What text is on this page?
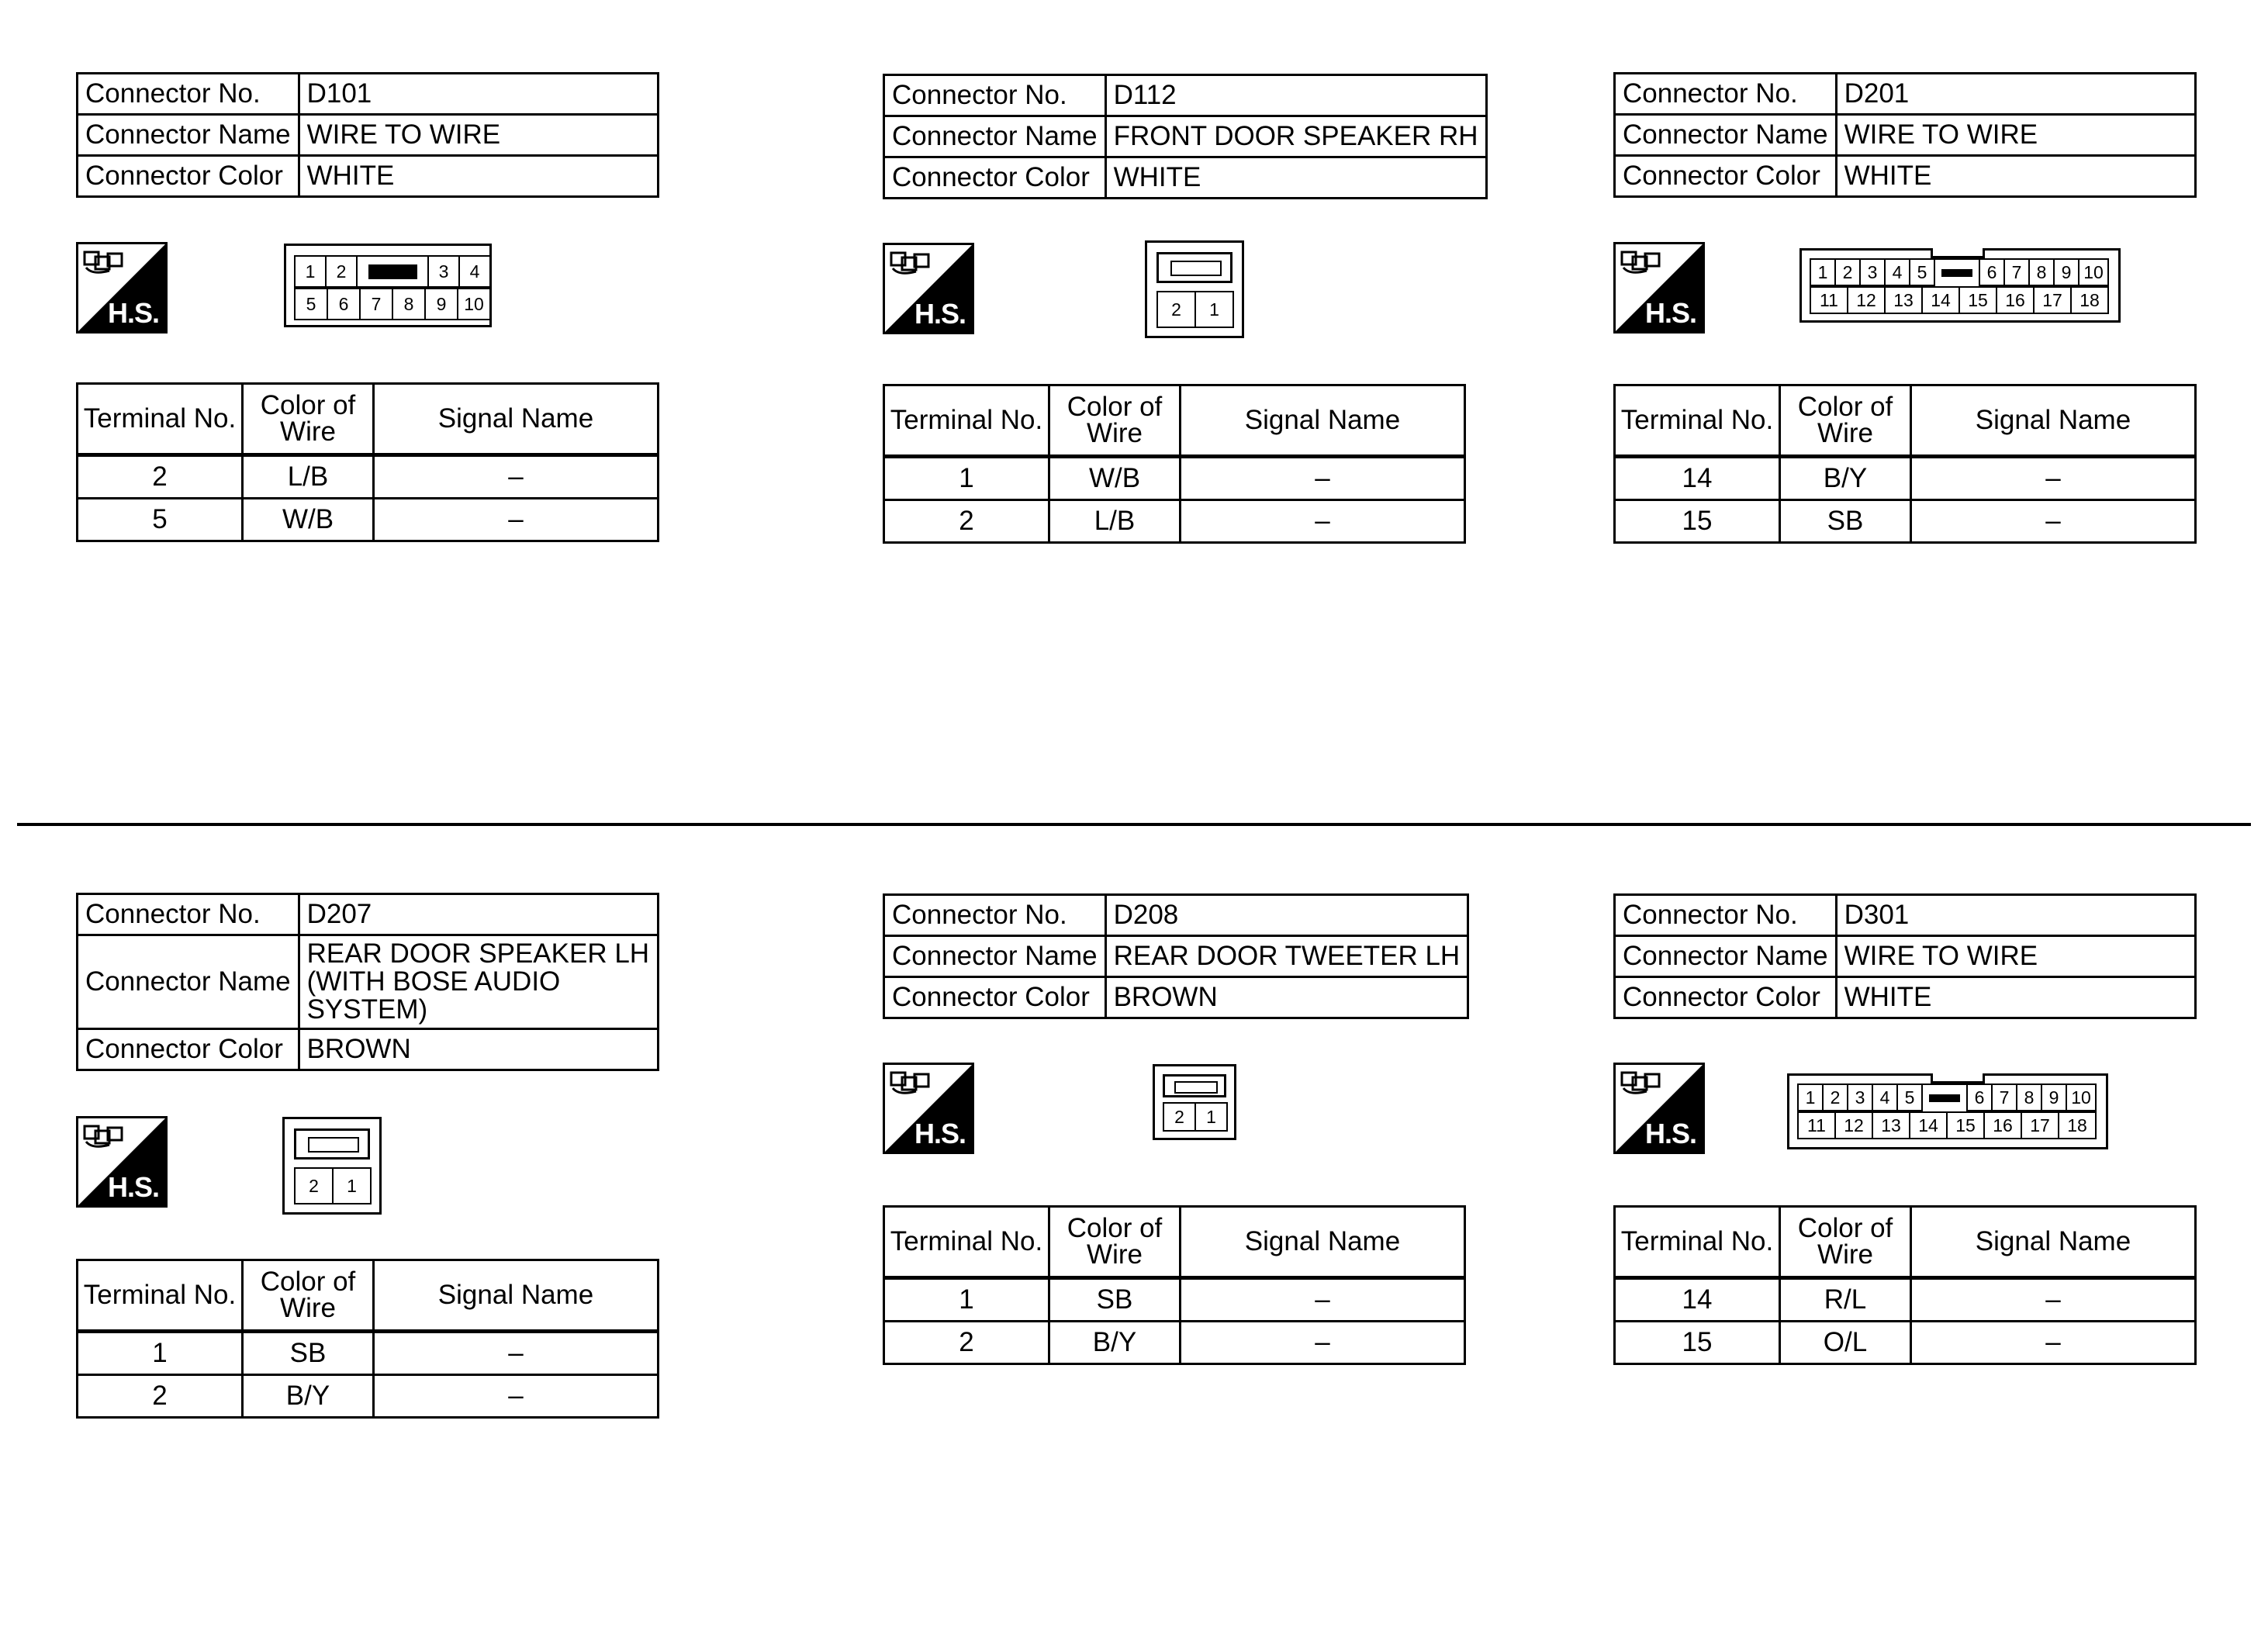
Connector No.	D101
Connector Name	WIRE TO WIRE
Connector Color	WHITE
H.S.
1	2	3	4
5	6	7	8	9 10
Terminal No.	Color of Wire	Signal Name
2	L/B	–
5	W/B	–
Connector No.	D112
Connector Name	FRONT DOOR SPEAKER RH
Connector Color	WHITE
H.S.	2	1
Terminal No.	Color of Wire	Signal Name
1	W/B	–
2	L/B	–
Connector No.	D201
Connector Name	WIRE TO WIRE
Connector Color	WHITE
H.S.
1 2 3 4 5	6 7 8 9 10
11	12 13 14 15 16 17 18
Terminal No.	Color of Wire	Signal Name
14	B/Y	–
15	SB	–
Connector No.	D207
Connector Name	REAR DOOR SPEAKER LH (WITH BOSE AUDIO SYSTEM)
Connector Color	BROWN
H.S.	2	1
Terminal No.	Color of Wire	Signal Name
1	SB	–
2	B/Y	–
Connector No.	D208
Connector Name	REAR DOOR TWEETER LH
Connector Color	BROWN
H.S.
2	1
Terminal No.	Color of Wire	Signal Name
1	SB	–
2	B/Y	–
Connector No.	D301
Connector Name	WIRE TO WIRE
Connector Color	WHITE
H.S.
1 2 3 4 5	6 7 8 9 10
11	12 13 14 15 16 17 18
Terminal No.	Color of Wire	Signal Name
14	R/L	–
15	O/L	–
